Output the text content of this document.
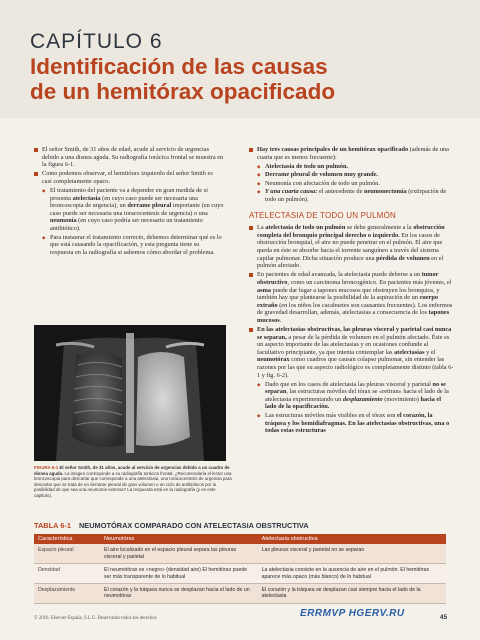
CAPÍTULO 6
Identificación de las causas
de un hemitórax opacificado
El señor Smith, de 31 años de edad, acude al servicio de urgencias debido a una disnea aguda. Su radiografía torácica frontal se muestra en la figura 6-1.
Como podemos observar, el hemitórax izquierdo del señor Smith es casi completamente opaco.
◆ El tratamiento del paciente va a depender en gran medida de si presenta atelectasia (en cuyo caso puede ser necesaria una broncoscopia de urgencia), un derrame pleural importante (en cuyo caso puede ser necesaria una toracocentesis de urgencia) o una neumonía (en cuyo caso podría ser necesario un tratamiento antibiótico).
◆ Para instaurar el tratamiento correcto, debemos determinar qué es lo que está causando la opacificación, y esta pregunta tiene su respuesta en la radiografía si sabemos cómo abordar el problema.
FIGURA 6-1 El señor Smith, de 31 años, acude al servicio de urgencias debido a un cuadro de disnea aguda. La imagen corresponde a su radiografía torácica frontal. ¿Recomendaría el lector una broncoscopia para descartar que corresponde a una atelectasia, una toracocentesis de urgencia para descartar que se trata de un derrame pleural de gran volumen o un ciclo de antibióticos por la posibilidad de que sea una neumonía extensa? La respuesta está en la radiografía (y en este capítulo).
Hay tres causas principales de un hemitórax opacificado (además de una cuarta que es menos frecuente):
◆ Atelectasia de todo un pulmón.
◆ Derrame pleural de volumen muy grande.
◆ Neumonía con afectación de todo un pulmón.
◆ Y una cuarta causa: el antecedente de neumonectomía (extirpación de todo un pulmón).
ATELECTASIA DE TODO UN PULMÓN
La atelectasia de todo un pulmón se debe generalmente a la obstrucción completa del bronquio principal derecho o izquierdo. En los casos de obstrucción bronquial, el aire no puede penetrar en el pulmón. El aire que queda en éste se absorbe hacia el torrente sanguíneo a través del sistema capilar pulmonar. Dicha situación produce una pérdida de volumen en el pulmón afectado.
En pacientes de edad avanzada, la atelectasia puede deberse a un tumor obstructivo, como un carcinoma broncogénico. En pacientes más jóvenes, el asma puede dar lugar a tapones mucosos que obstruyen los bronquios, y también hay que plantearse la posibilidad de la aspiración de un cuerpo extraño (en los niños los cacahuetes son causantes frecuentes). Los enfermos de gravedad desarrollan, además, atelectasias a consecuencia de los tapones mucosos.
En las atelectasias obstructivas, las pleuras visceral y parietal casi nunca se separan, a pesar de la pérdida de volumen en el pulmón afectado. Éste es un aspecto importante de las atelectasias y en ocasiones confunde al facultativo principiante, ya que intenta contemplar las atelectasias y el neumotórax como cuadros que causan colapso pulmonar, sin entender las razones por las que su aspecto radiológico es completamente distinto (tabla 6-1 y fig. 6-2).
◆ Dado que en los casos de atelectasia las pleuras visceral y parietal no se separan, las estructuras móviles del tórax se «retiran» hacia el lado de la atelectasia experimentando un desplazamiento (movimiento) hacia el lado de la opacificación.
◆ Las estructuras móviles más visibles en el tórax son el corazón, la tráquea y los hemidiafragmas. En las atelectasias obstructivas, una o todas estas estructuras
TABLA 6-1 NEUMOTÓRAX COMPARADO CON ATELECTASIA OBSTRUCTIVA
Característica	Neumotórax	Atelectasia obstructiva
Espacio pleural	El aire localizado en el espacio pleural separa las pleuras visceral y parietal	Las pleuras visceral y parietal no se separan
Densidad	El neumotórax es «negro» (densidad aire) El hemitórax puede ser más transparente de lo habitual	La atelectasia consiste en la ausencia de aire en el pulmón. El hemitórax aparece más opaco (más blanco) de lo habitual
Desplazamiento	El corazón y la tráquea nunca se desplazan hacia el lado de un neumotórax	El corazón y la tráquea se desplazan casi siempre hacia el lado de la atelectasia
© 2016. Elsevier España, S.L.U. Reservados todos los derechos	ERRMVP HGERV.RU	45
